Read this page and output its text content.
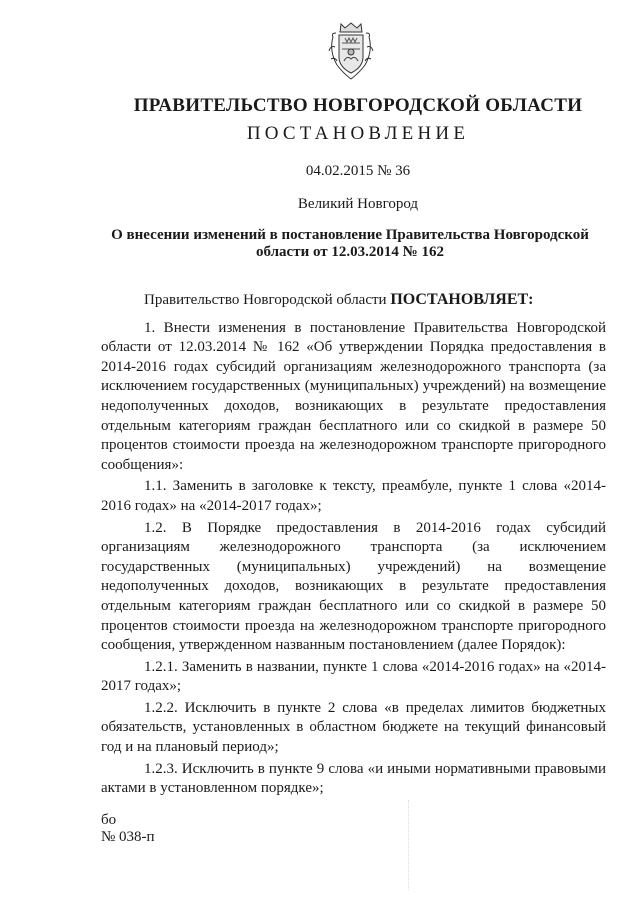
ПРАВИТЕЛЬСТВО НОВГОРОДСКОЙ ОБЛАСТИ
ПОСТАНОВЛЕНИЕ
04.02.2015 № 36
Великий Новгород
О внесении изменений в постановление Правительства Новгородской
области от 12.03.2014 № 162

Правительство Новгородской области ПОСТАНОВЛЯЕТ:

1. Внести изменения в постановление Правительства Новгородской области от 12.03.2014 № 162 «Об утверждении Порядка предоставления в 2014-2016 годах субсидий организациям железнодорожного транспорта (за исключением государственных (муниципальных) учреждений) на возмещение недополученных доходов, возникающих в результате предоставления отдельным категориям граждан бесплатного или со скидкой в размере 50 процентов стоимости проезда на железнодорожном транспорте пригородного сообщения»:

1.1. Заменить в заголовке к тексту, преамбуле, пункте 1 слова «2014-2016 годах» на «2014-2017 годах»;

1.2. В Порядке предоставления в 2014-2016 годах субсидий организациям железнодорожного транспорта (за исключением государственных (муниципальных) учреждений) на возмещение недополученных доходов, возникающих в результате предоставления отдельным категориям граждан бесплатного или со скидкой в размере 50 процентов стоимости проезда на железнодорожном транспорте пригородного сообщения, утвержденном названным постановлением (далее Порядок):

1.2.1. Заменить в названии, пункте 1 слова «2014-2016 годах» на «2014-2017 годах»;

1.2.2. Исключить в пункте 2 слова «в пределах лимитов бюджетных обязательств, установленных в областном бюджете на текущий финансовый год и на плановый период»;

1.2.3. Исключить в пункте 9 слова «и иными нормативными правовыми актами в установленном порядке»;

бо
№ 038-п
